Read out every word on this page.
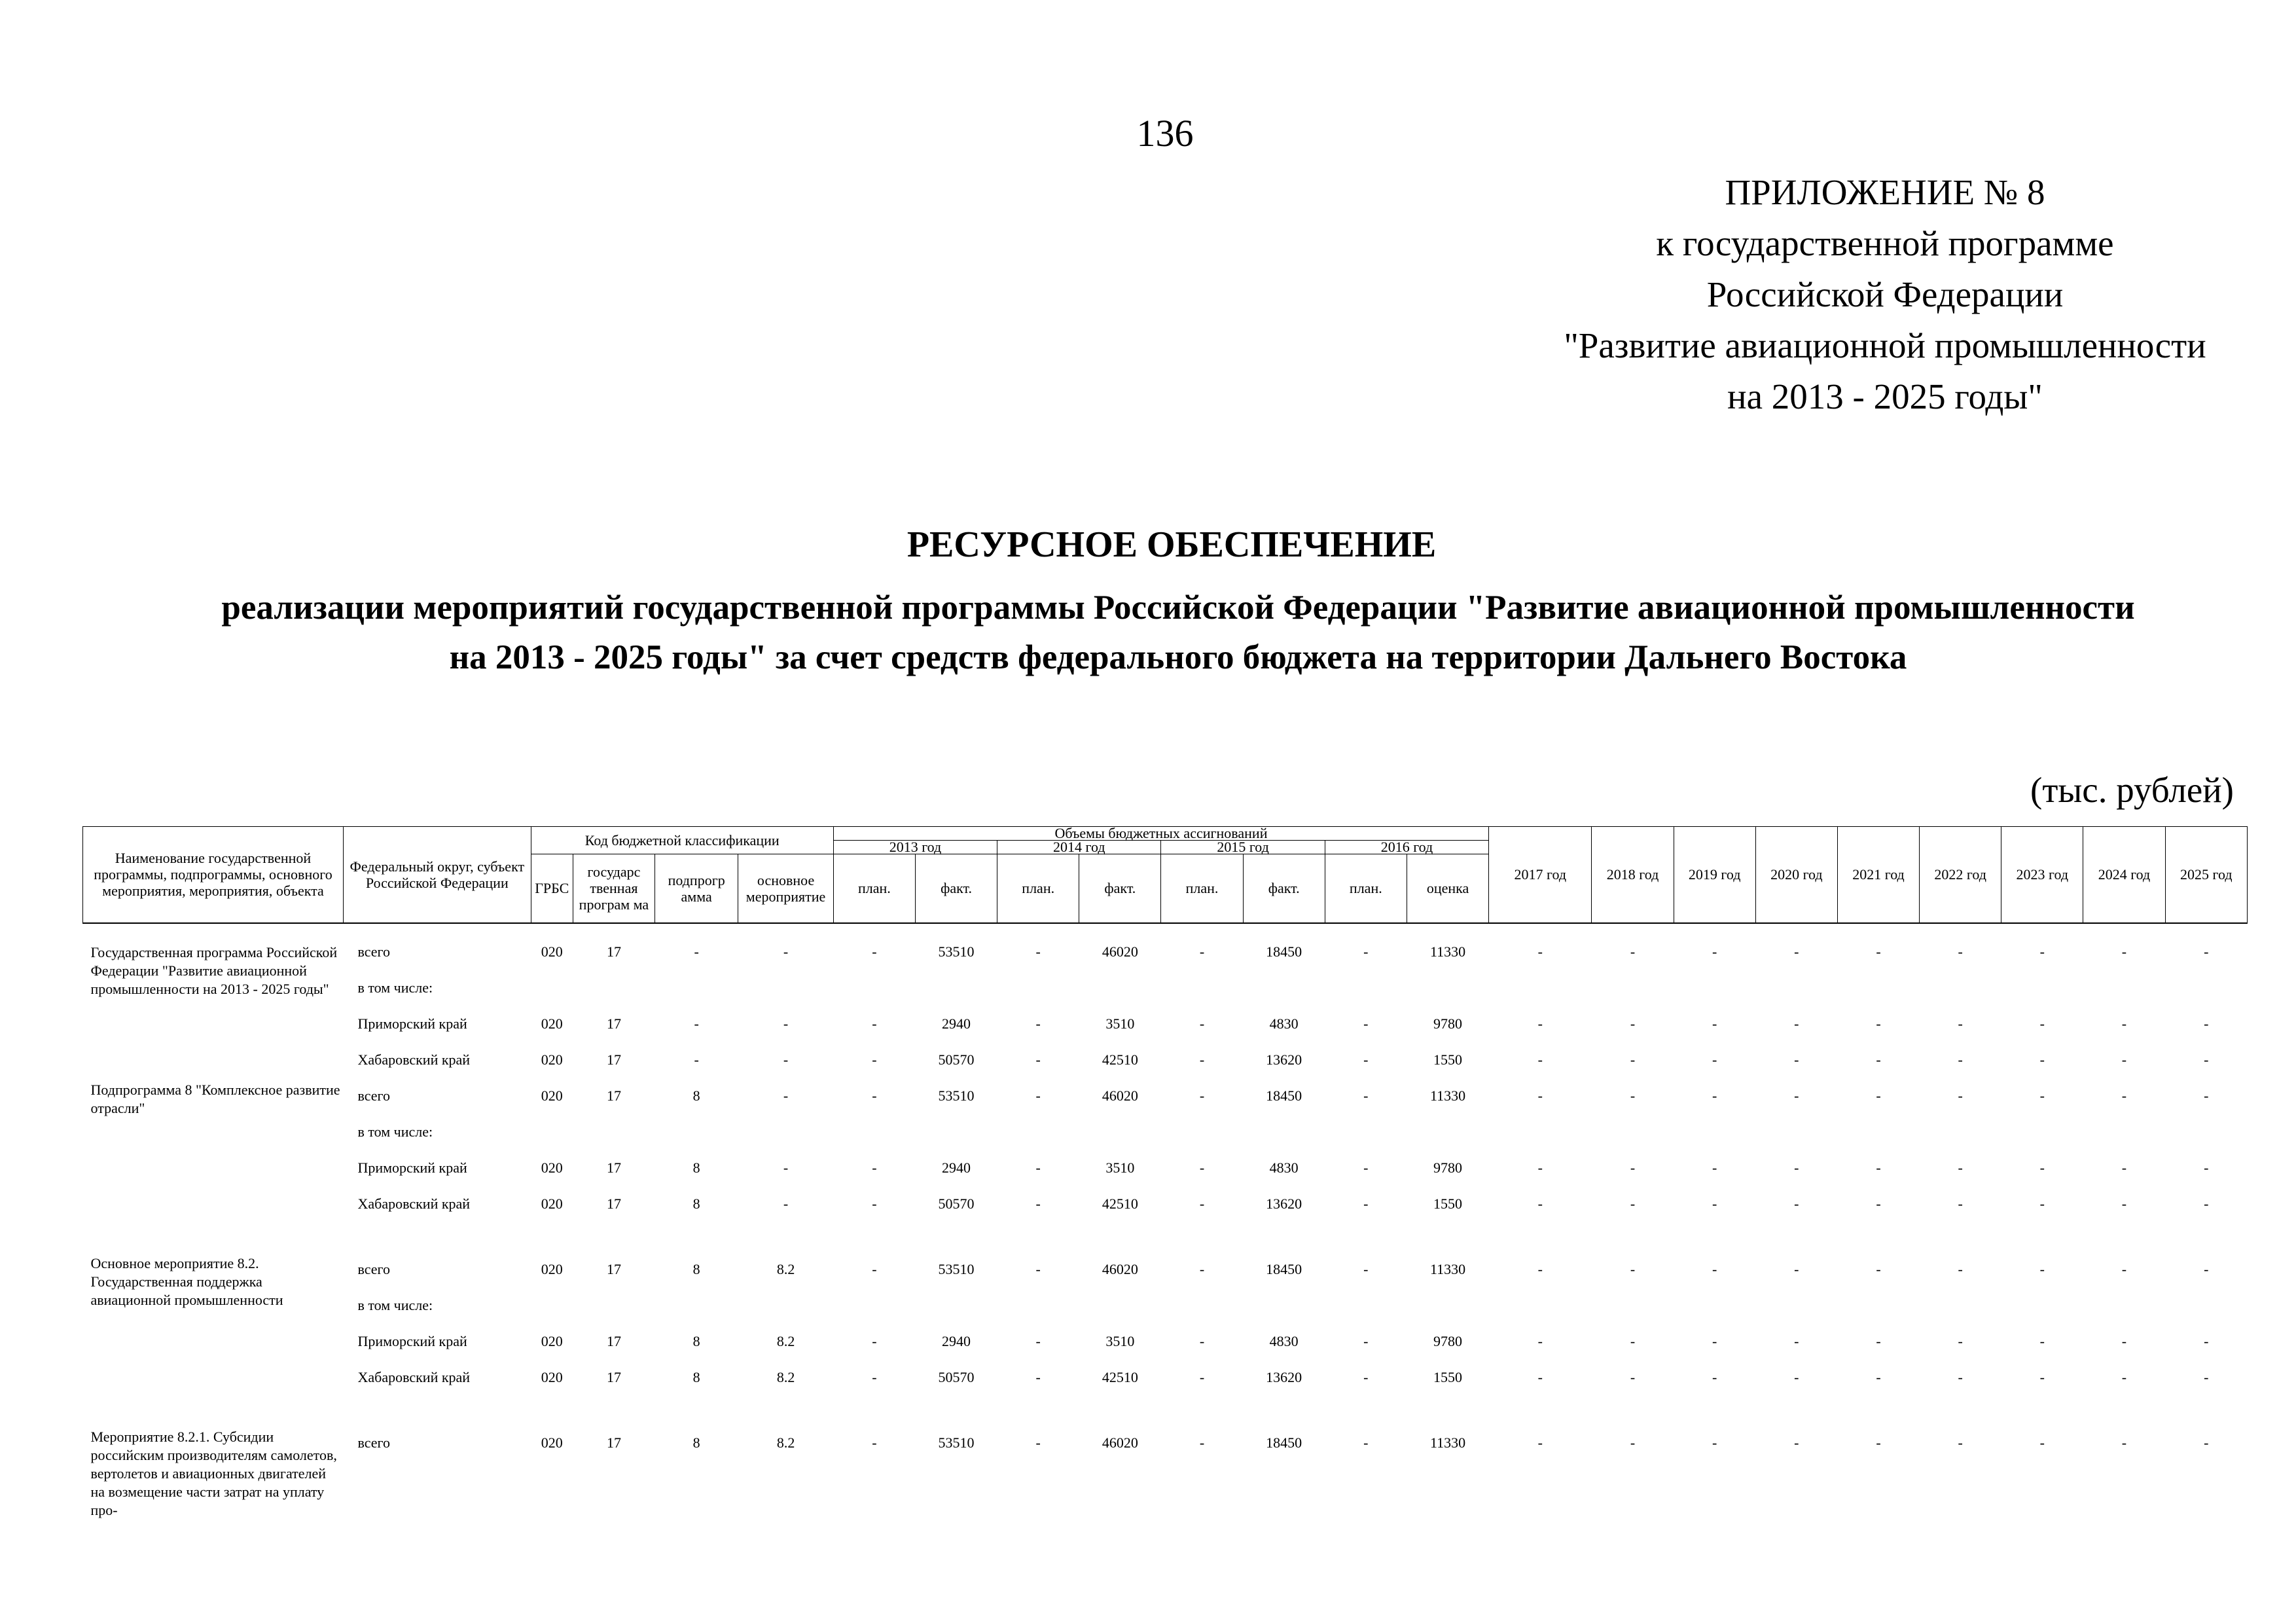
136
ПРИЛОЖЕНИЕ № 8
к государственной программе
Российской Федерации
"Развитие авиационной промышленности
на 2013 - 2025 годы"
РЕСУРСНОЕ ОБЕСПЕЧЕНИЕ
реализации мероприятий государственной программы Российской Федерации "Развитие авиационной промышленности
на 2013 - 2025 годы" за счет средств федерального бюджета на территории Дальнего Востока
(тыс. рублей)
Наименование государственной программы, подпрограммы, основного мероприятия, мероприятия, объекта	Федеральный округ, субъект Российской Федерации	Код бюджетной классификации				Объемы бюджетных ассигнований								2017 год	2018 год	2019 год	2020 год	2021 год	2022 год	2023 год	2024 год	2025 год
						2013 год		2014 год		2015 год		2016 год										
		ГРБС	государс твенная програм ма	подпрогр амма	основное мероприятие	план.	факт.	план.	факт.	план.	факт.	план.	оценка									
Государственная программа Российской Федерации "Развитие авиационной промышленности на 2013 - 2025 годы"	всего	020	17	-	-	-	53510	-	46020	-	18450	-	11330	-	-	-	-	-	-	-	-	-
	в том числе:																					
	Приморский край	020	17	-	-	-	2940	-	3510	-	4830	-	9780	-	-	-	-	-	-	-	-	-
	Хабаровский край	020	17	-	-	-	50570	-	42510	-	13620	-	1550	-	-	-	-	-	-	-	-	-
Подпрограмма 8 "Комплексное развитие отрасли"	всего	020	17	8	-	-	53510	-	46020	-	18450	-	11330	-	-	-	-	-	-	-	-	-
	в том числе:																					
	Приморский край	020	17	8	-	-	2940	-	3510	-	4830	-	9780	-	-	-	-	-	-	-	-	-
	Хабаровский край	020	17	8	-	-	50570	-	42510	-	13620	-	1550	-	-	-	-	-	-	-	-	-

Основное мероприятие 8.2. Государственная поддержка авиационной промышленности	всего	020	17	8	8.2	-	53510	-	46020	-	18450	-	11330	-	-	-	-	-	-	-	-	-
	в том числе:																					
	Приморский край	020	17	8	8.2	-	2940	-	3510	-	4830	-	9780	-	-	-	-	-	-	-	-	-
	Хабаровский край	020	17	8	8.2	-	50570	-	42510	-	13620	-	1550	-	-	-	-	-	-	-	-	-

Мероприятие 8.2.1. Субсидии российским производителям самолетов, вертолетов и авиационных двигателей на возмещение части затрат на уплату про-	всего	020	17	8	8.2	-	53510	-	46020	-	18450	-	11330	-	-	-	-	-	-	-	-	-
